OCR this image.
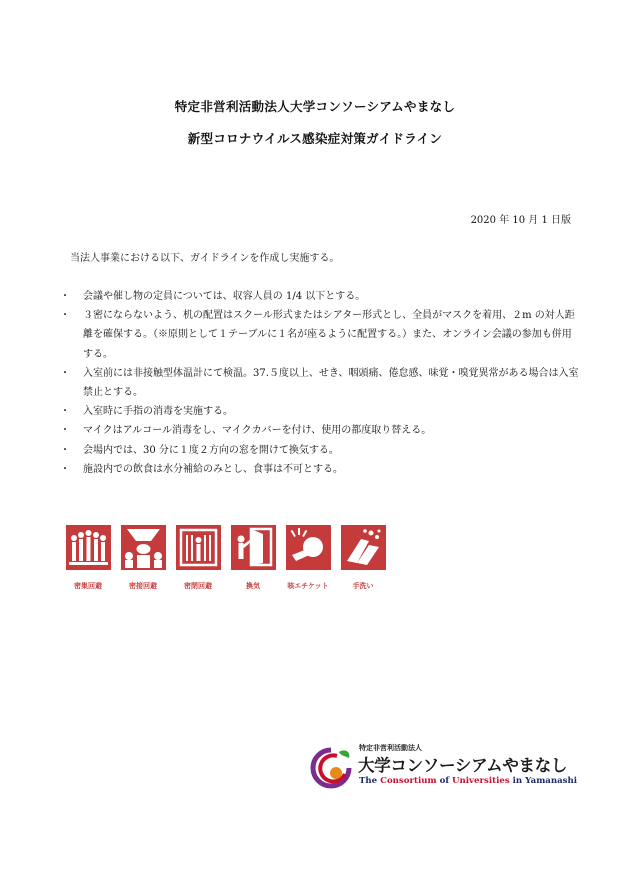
特定非営利活動法人大学コンソーシアムやまなし
新型コロナウイルス感染症対策ガイドライン
2020 年 10 月 1 日版
当法人事業における以下、ガイドラインを作成し実施する。
・ 会議や催し物の定員については、収容人員の 1/4 以下とする。
・ ３密にならないよう、机の配置はスクール形式またはシアター形式とし、全員がマスクを着用、２m の対人距離を確保する。（※原則として１テーブルに１名が座るように配置する。）また、オンライン会議の参加も併用する。
・ 入室前には非接触型体温計にて検温。37.５度以上、せき、咽頭痛、倦怠感、味覚・嗅覚異常がある場合は入室禁止とする。
・ 入室時に手指の消毒を実施する。
・ マイクはアルコール消毒をし、マイクカバーを付け、使用の都度取り替える。
・ 会場内では、30 分に１度２方向の窓を開けて換気する。
・ 施設内での飲食は水分補給のみとし、食事は不可とする。
密集回避	密接回避	密閉回避	換気	咳エチケット	手洗い
特定非営利活動法人
大学コンソーシアムやまなし
The Consortium of Universities in Yamanashi
